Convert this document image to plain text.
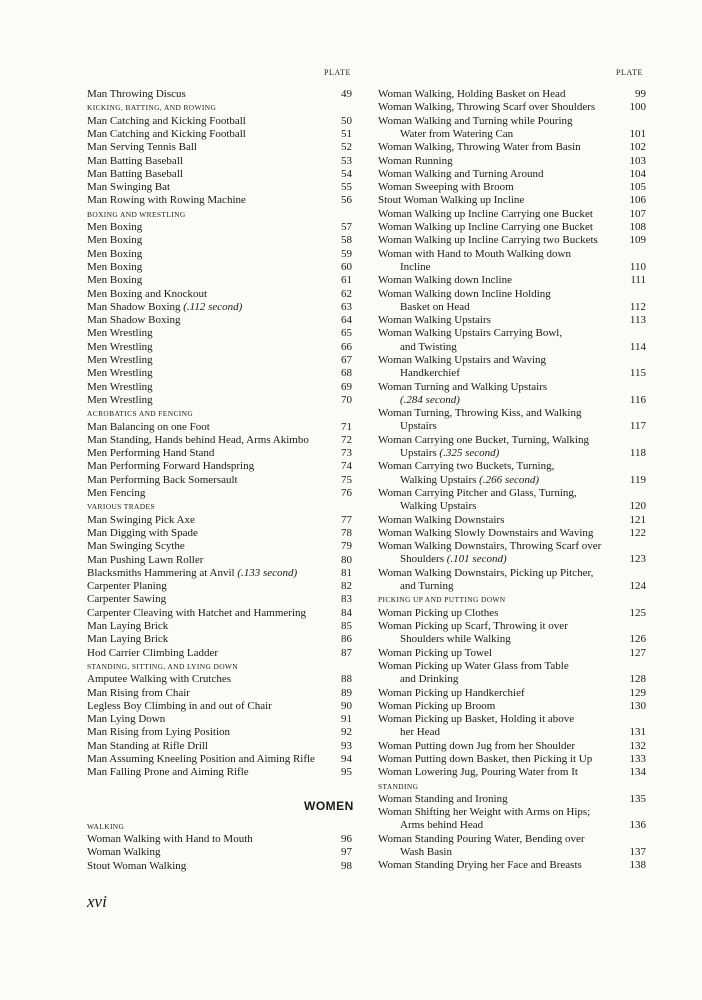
PLATE	PLATE
Man Throwing Discus	49
KICKING, BATTING, AND ROWING
Man Catching and Kicking Football	50
Man Catching and Kicking Football	51
Man Serving Tennis Ball	52
Man Batting Baseball	53
Man Batting Baseball	54
Man Swinging Bat	55
Man Rowing with Rowing Machine	56
BOXING AND WRESTLING
Men Boxing	57
Men Boxing	58
Men Boxing	59
Men Boxing	60
Men Boxing	61
Men Boxing and Knockout	62
Man Shadow Boxing (.112 second)	63
Man Shadow Boxing	64
Men Wrestling	65
Men Wrestling	66
Men Wrestling	67
Men Wrestling	68
Men Wrestling	69
Men Wrestling	70
ACROBATICS AND FENCING
Man Balancing on one Foot	71
Man Standing, Hands behind Head, Arms Akimbo	72
Men Performing Hand Stand	73
Man Performing Forward Handspring	74
Man Performing Back Somersault	75
Men Fencing	76
VARIOUS TRADES
Man Swinging Pick Axe	77
Man Digging with Spade	78
Man Swinging Scythe	79
Man Pushing Lawn Roller	80
Blacksmiths Hammering at Anvil (.133 second)	81
Carpenter Planing	82
Carpenter Sawing	83
Carpenter Cleaving with Hatchet and Hammering	84
Man Laying Brick	85
Man Laying Brick	86
Hod Carrier Climbing Ladder	87
STANDING, SITTING, AND LYING DOWN
Amputee Walking with Crutches	88
Man Rising from Chair	89
Legless Boy Climbing in and out of Chair	90
Man Lying Down	91
Man Rising from Lying Position	92
Man Standing at Rifle Drill	93
Man Assuming Kneeling Position and Aiming Rifle	94
Man Falling Prone and Aiming Rifle	95
WALKING
Woman Walking with Hand to Mouth	96
Woman Walking	97
Stout Woman Walking	98
Woman Walking, Holding Basket on Head	99
Woman Walking, Throwing Scarf over Shoulders	100
Woman Walking and Turning while Pouring
Water from Watering Can	101
Woman Walking, Throwing Water from Basin	102
Woman Running	103
Woman Walking and Turning Around	104
Woman Sweeping with Broom	105
Stout Woman Walking up Incline	106
Woman Walking up Incline Carrying one Bucket	107
Woman Walking up Incline Carrying one Bucket	108
Woman Walking up Incline Carrying two Buckets	109
Woman with Hand to Mouth Walking down
Incline	110
Woman Walking down Incline	111
Woman Walking down Incline Holding
Basket on Head	112
Woman Walking Upstairs	113
Woman Walking Upstairs Carrying Bowl,
and Twisting	114
Woman Walking Upstairs and Waving
Handkerchief	115
Woman Turning and Walking Upstairs
(.284 second)	116
Woman Turning, Throwing Kiss, and Walking
Upstairs	117
Woman Carrying one Bucket, Turning, Walking
Upstairs (.325 second)	118
Woman Carrying two Buckets, Turning,
Walking Upstairs (.266 second)	119
Woman Carrying Pitcher and Glass, Turning,
Walking Upstairs	120
Woman Walking Downstairs	121
Woman Walking Slowly Downstairs and Waving	122
Woman Walking Downstairs, Throwing Scarf over
Shoulders (.101 second)	123
Woman Walking Downstairs, Picking up Pitcher,
and Turning	124
PICKING UP AND PUTTING DOWN
Woman Picking up Clothes	125
Woman Picking up Scarf, Throwing it over
Shoulders while Walking	126
Woman Picking up Towel	127
Woman Picking up Water Glass from Table
and Drinking	128
Woman Picking up Handkerchief	129
Woman Picking up Broom	130
Woman Picking up Basket, Holding it above
her Head	131
Woman Putting down Jug from her Shoulder	132
Woman Putting down Basket, then Picking it Up	133
Woman Lowering Jug, Pouring Water from It	134
STANDING
Woman Standing and Ironing	135
Woman Shifting her Weight with Arms on Hips;
Arms behind Head	136
Woman Standing Pouring Water, Bending over
Wash Basin	137
Woman Standing Drying her Face and Breasts	138
WOMEN
xvi
